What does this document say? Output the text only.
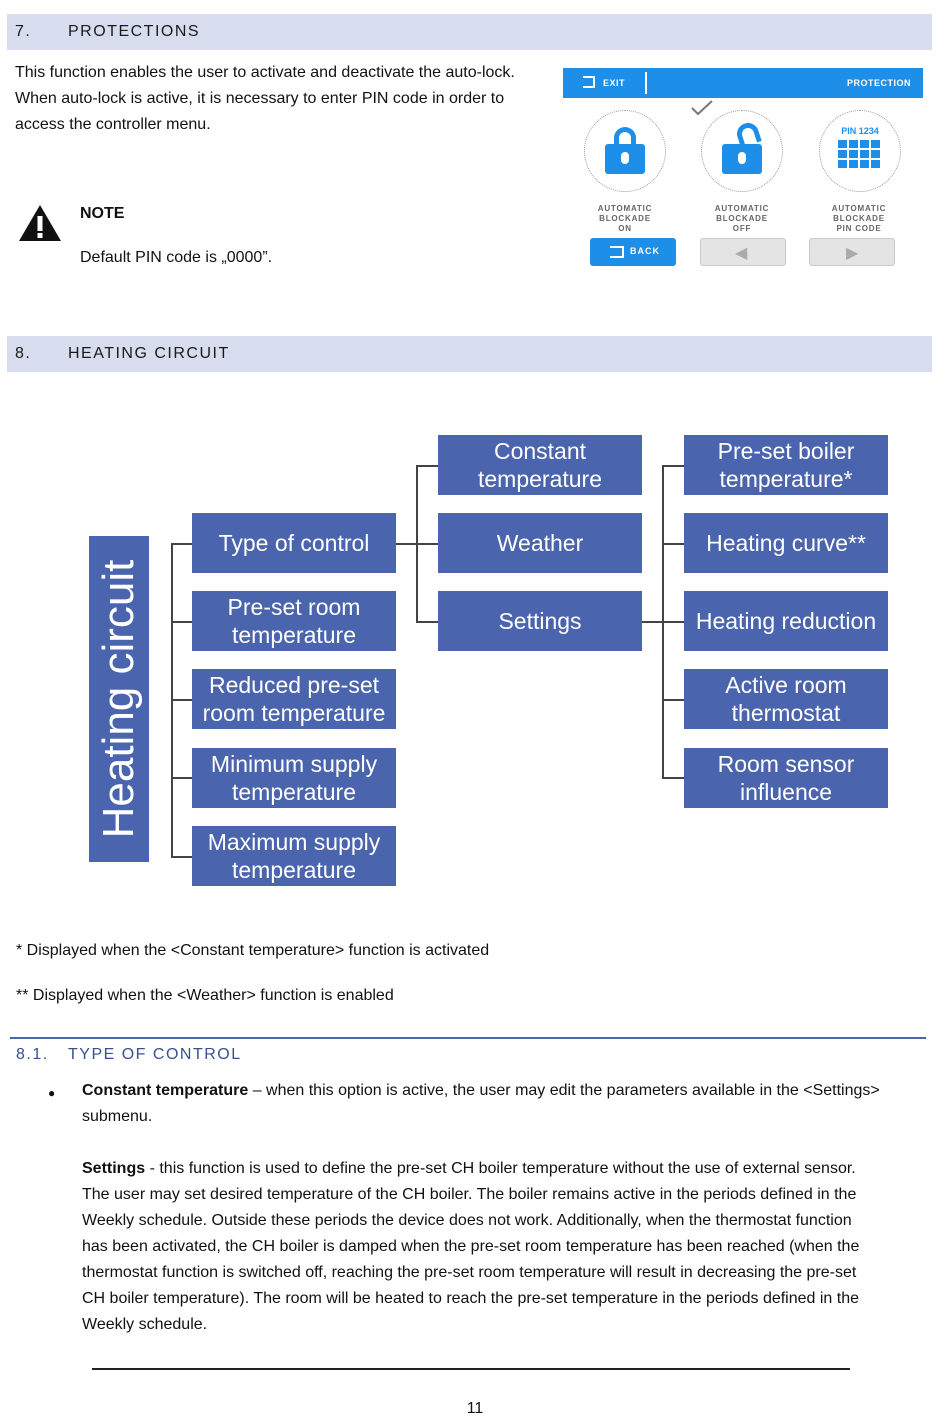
7. PROTECTIONS
This function enables the user to activate and deactivate the auto-lock.
When auto-lock is active, it is necessary to enter PIN code in order to
access the controller menu.
NOTE
Default PIN code is „0000”.
EXIT	PROTECTION
AUTOMATIC
BLOCKADE
ON
AUTOMATIC
BLOCKADE
OFF
PIN 1234
AUTOMATIC
BLOCKADE
PIN CODE
BACK	◀	▶
8. HEATING CIRCUIT
Heating circuit
Type of control
Pre-set room temperature
Reduced pre-set room temperature
Minimum supply temperature
Maximum supply temperature
Constant temperature
Weather
Settings
Pre-set boiler temperature*
Heating curve**
Heating reduction
Active room thermostat
Room sensor influence
* Displayed when the <Constant temperature> function is activated
** Displayed when the <Weather> function is enabled
8.1. TYPE OF CONTROL
● Constant temperature – when this option is active, the user may edit the parameters available in the <Settings>
submenu.
Settings - this function is used to define the pre-set CH boiler temperature without the use of external sensor.
The user may set desired temperature of the CH boiler. The boiler remains active in the periods defined in the
Weekly schedule. Outside these periods the device does not work. Additionally, when the thermostat function
has been activated, the CH boiler is damped when the pre-set room temperature has been reached (when the
thermostat function is switched off, reaching the pre-set room temperature will result in decreasing the pre-set
CH boiler temperature). The room will be heated to reach the pre-set temperature in the periods defined in the
Weekly schedule.
11
